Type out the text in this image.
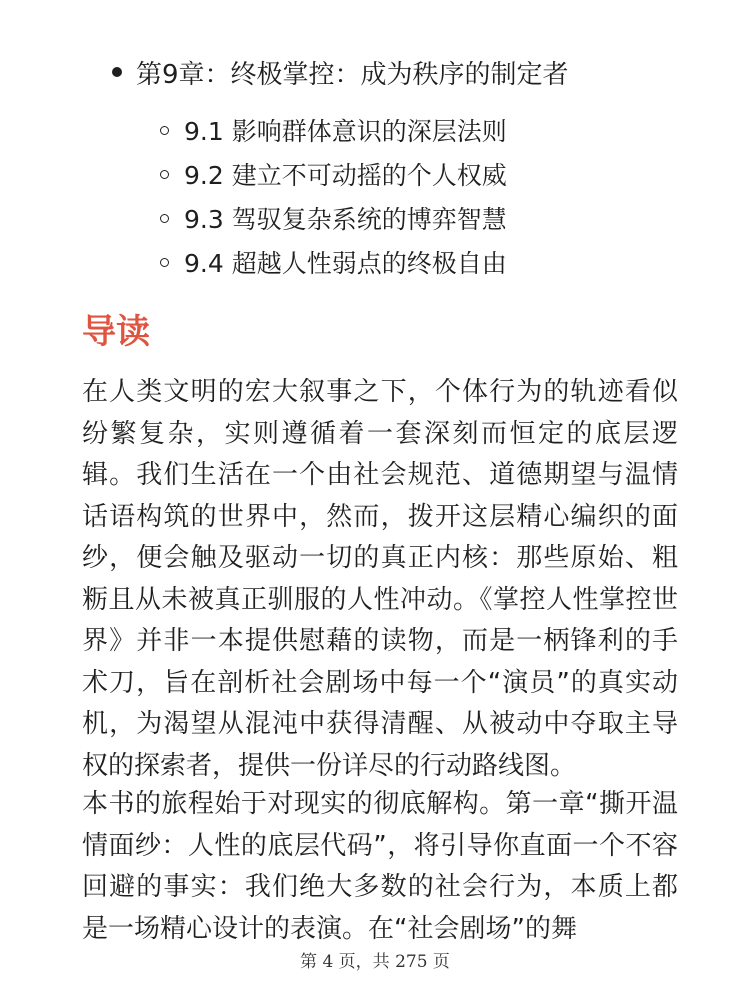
第9章：终极掌控：成为秩序的制定者
9.1 影响群体意识的深层法则
9.2 建立不可动摇的个人权威
9.3 驾驭复杂系统的博弈智慧
9.4 超越人性弱点的终极自由
导读

在人类文明的宏大叙事之下，个体行为的轨迹看似纷繁复杂，实则遵循着一套深刻而恒定的底层逻辑。我们生活在一个由社会规范、道德期望与温情话语构筑的世界中，然而，拨开这层精心编织的面纱，便会触及驱动一切的真正内核：那些原始、粗粝且从未被真正驯服的人性冲动。《掌控人性掌控世界》并非一本提供慰藉的读物，而是一柄锋利的手术刀，旨在剖析社会剧场中每一个“演员”的真实动机，为渴望从混沌中获得清醒、从被动中夺取主导权的探索者，提供一份详尽的行动路线图。

本书的旅程始于对现实的彻底解构。第一章“撕开温情面纱：人性的底层代码”，将引导你直面一个不容回避的事实：我们绝大多数的社会行为，本质上都是一场精心设计的表演。在“社会剧场”的舞

第 4 页，共 275 页
